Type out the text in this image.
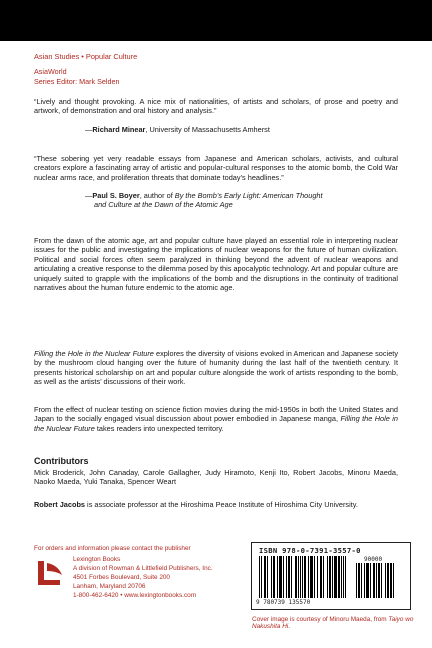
Asian Studies • Popular Culture
AsiaWorld
Series Editor: Mark Selden

“Lively and thought provoking. A nice mix of nationalities, of artists and scholars, of prose and poetry and artwork, of demonstration and oral history and analysis.”

—Richard Minear, University of Massachusetts Amherst

“These sobering yet very readable essays from Japanese and American scholars, activists, and cultural creators explore a fascinating array of artistic and popular-cultural responses to the atomic bomb, the Cold War nuclear arms race, and proliferation threats that dominate today’s headlines.”

—Paul S. Boyer, author of By the Bomb’s Early Light: American Thought
and Culture at the Dawn of the Atomic Age

From the dawn of the atomic age, art and popular culture have played an essential role in interpreting nuclear issues for the public and investigating the implications of nuclear weapons for the future of human civilization. Political and social forces often seem paralyzed in thinking beyond the advent of nuclear weapons and articulating a creative response to the dilemma posed by this apocalyptic technology. Art and popular culture are uniquely suited to grapple with the implications of the bomb and the disruptions in the continuity of traditional narratives about the human future endemic to the atomic age.

Filling the Hole in the Nuclear Future explores the diversity of visions evoked in American and Japanese society by the mushroom cloud hanging over the future of humanity during the last half of the twentieth century. It presents historical scholarship on art and popular culture alongside the work of artists responding to the bomb, as well as the artists’ discussions of their work.

From the effect of nuclear testing on science fiction movies during the mid-1950s in both the United States and Japan to the socially engaged visual discussion about power embodied in Japanese manga, Filling the Hole in the Nuclear Future takes readers into unexpected territory.

Contributors

Mick Broderick, John Canaday, Carole Gallagher, Judy Hiramoto, Kenji Ito, Robert Jacobs, Minoru Maeda, Naoko Maeda, Yuki Tanaka, Spencer Weart

Robert Jacobs is associate professor at the Hiroshima Peace Institute of Hiroshima City University.

For orders and information please contact the publisher
Lexington Books
A division of Rowman & Littlefield Publishers, Inc.
4501 Forbes Boulevard, Suite 200
Lanham, Maryland 20706
1-800-462-6420 • www.lexingtonbooks.com
ISBN 978-0-7391-3557-0
9 780739 135570
90000
Cover image is courtesy of Minoru Maeda, from Taiyo wo Nakushita Hi.
